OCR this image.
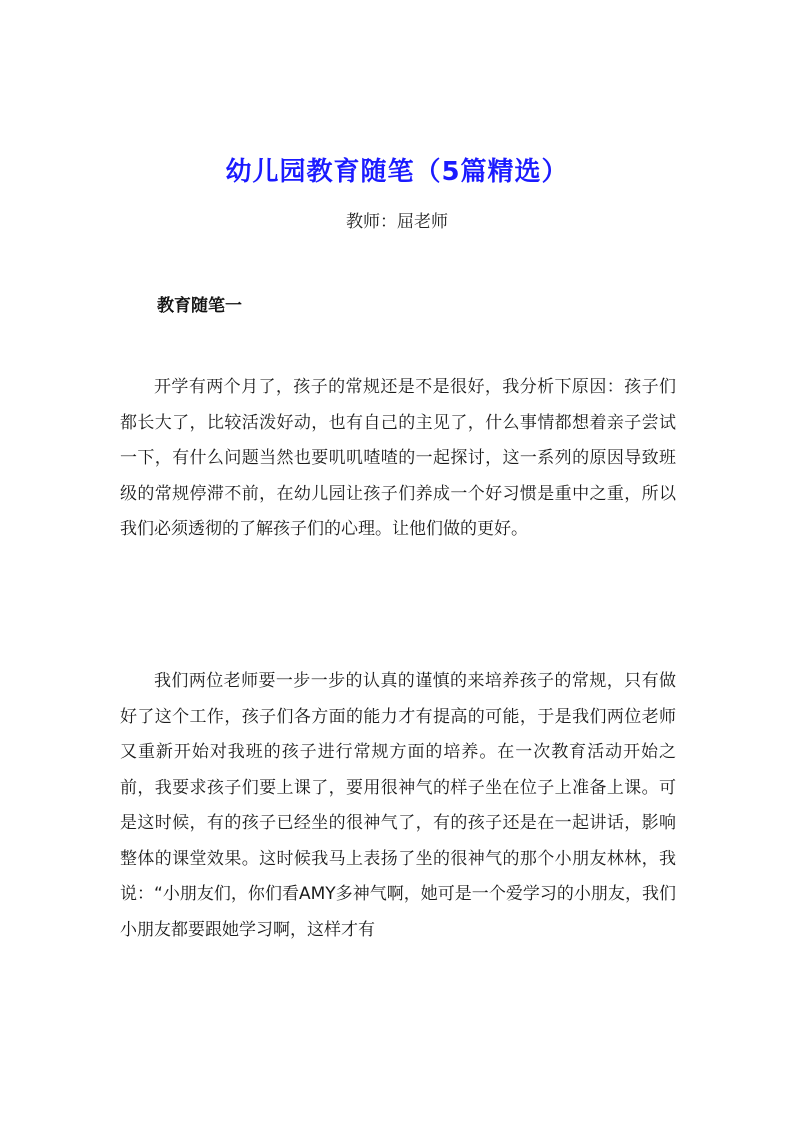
幼儿园教育随笔（5篇精选）
教师：屈老师
教育随笔一

开学有两个月了，孩子的常规还是不是很好，我分析下原因：孩子们都长大了，比较活泼好动，也有自己的主见了，什么事情都想着亲子尝试一下，有什么问题当然也要叽叽喳喳的一起探讨，这一系列的原因导致班级的常规停滞不前，在幼儿园让孩子们养成一个好习惯是重中之重，所以我们必须透彻的了解孩子们的心理。让他们做的更好。

我们两位老师要一步一步的认真的谨慎的来培养孩子的常规，只有做好了这个工作，孩子们各方面的能力才有提高的可能，于是我们两位老师又重新开始对我班的孩子进行常规方面的培养。在一次教育活动开始之前，我要求孩子们要上课了，要用很神气的样子坐在位子上准备上课。可是这时候，有的孩子已经坐的很神气了，有的孩子还是在一起讲话，影响整体的课堂效果。这时候我马上表扬了坐的很神气的那个小朋友林林，我说：“小朋友们，你们看AMY多神气啊，她可是一个爱学习的小朋友，我们小朋友都要跟她学习啊，这样才有
